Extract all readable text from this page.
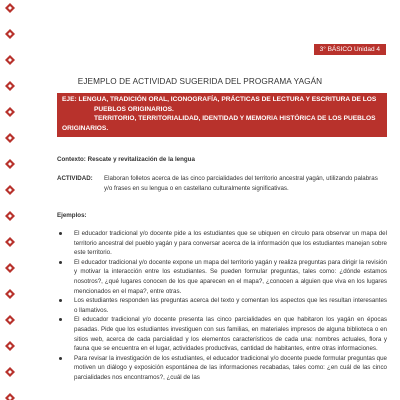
3° BÁSICO Unidad 4
EJEMPLO DE ACTIVIDAD SUGERIDA DEL PROGRAMA YAGÁN

EJE: LENGUA, TRADICIÓN ORAL, ICONOGRAFÍA, PRÁCTICAS DE LECTURA Y ESCRITURA DE LOS

PUEBLOS ORIGINARIOS.

TERRITORIO, TERRITORIALIDAD, IDENTIDAD Y MEMORIA HISTÓRICA DE LOS PUEBLOS

ORIGINARIOS.

Contexto: Rescate y revitalización de la lengua
ACTIVIDAD:	Elaboran folletos acerca de las cinco parcialidades del territorio ancestral yagán, utilizando palabras y/o frases en su lengua o en castellano culturalmente significativas.
Ejemplos:
El educador tradicional y/o docente pide a los estudiantes que se ubiquen en círculo para observar un mapa del territorio ancestral del pueblo yagán y para conversar acerca de la información que los estudiantes manejan sobre este territorio.
El educador tradicional y/o docente expone un mapa del territorio yagán y realiza preguntas para dirigir la revisión y motivar la interacción entre los estudiantes. Se pueden formular preguntas, tales como: ¿dónde estamos nosotros?, ¿qué lugares conocen de los que aparecen en el mapa?, ¿conocen a alguien que viva en los lugares mencionados en el mapa?, entre otras.
Los estudiantes responden las preguntas acerca del texto y comentan los aspectos que les resultan interesantes o llamativos.
El educador tradicional y/o docente presenta las cinco parcialidades en que habitaron los yagán en épocas pasadas. Pide que los estudiantes investiguen con sus familias, en materiales impresos de alguna biblioteca o en sitios web, acerca de cada parcialidad y los elementos característicos de cada una: nombres actuales, flora y fauna que se encuentra en el lugar, actividades productivas, cantidad de habitantes, entre otras informaciones.
Para revisar la investigación de los estudiantes, el educador tradicional y/o docente puede formular preguntas que motiven un diálogo y exposición espontánea de las informaciones recabadas, tales como: ¿en cuál de las cinco parcialidades nos encontramos?, ¿cuál de las
